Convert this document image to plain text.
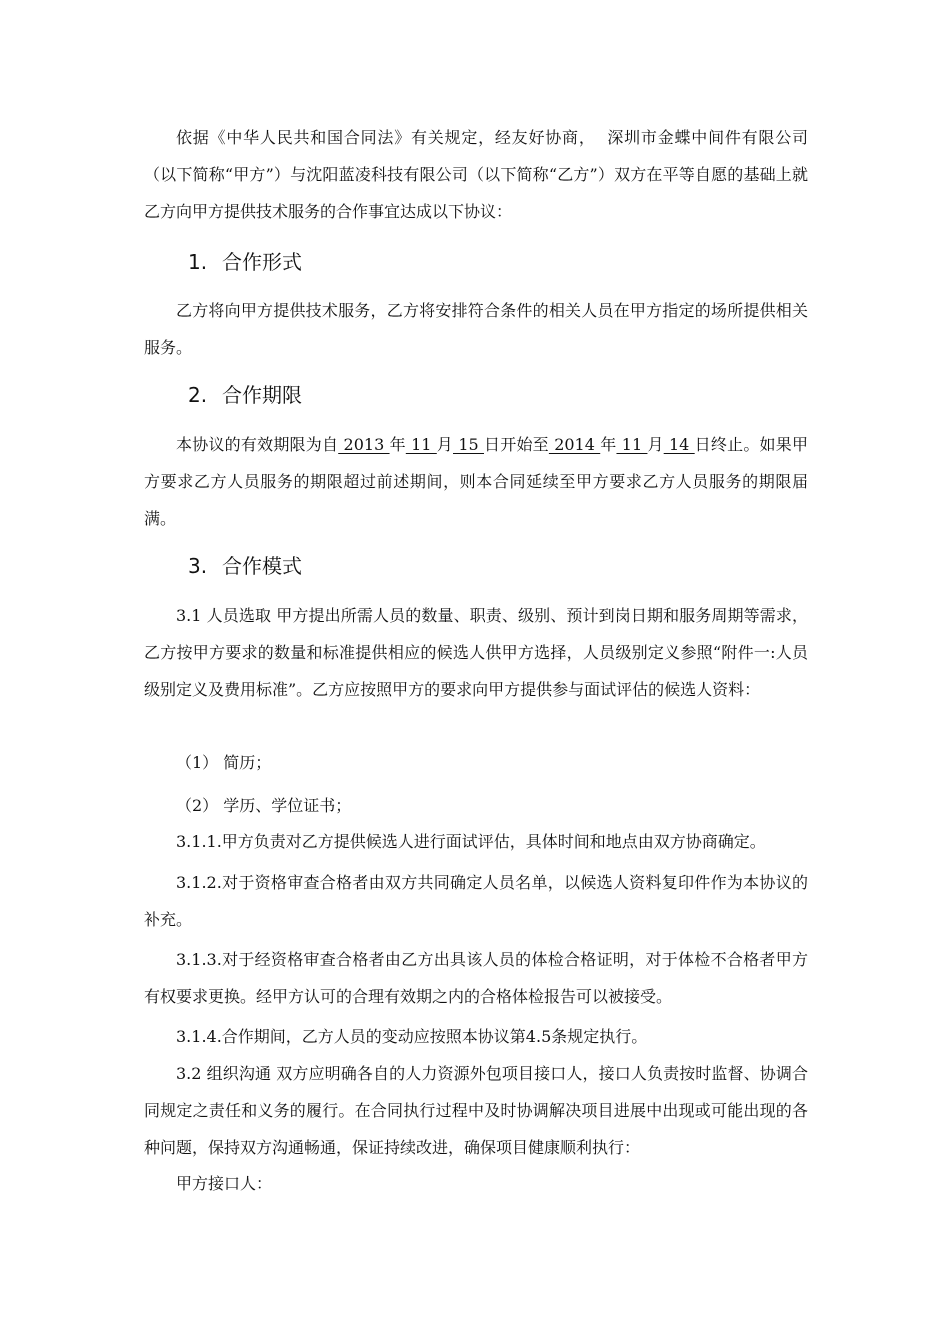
依据《中华人民共和国合同法》有关规定，经友好协商， 深圳市金蝶中间件有限公司（以下简称“甲方”）与沈阳蓝凌科技有限公司（以下简称“乙方”）双方在平等自愿的基础上就乙方向甲方提供技术服务的合作事宜达成以下协议：

1. 合作形式

乙方将向甲方提供技术服务，乙方将安排符合条件的相关人员在甲方指定的场所提供相关服务。

2. 合作期限

本协议的有效期限为自 2013 年 11 月 15 日开始至 2014 年 11 月 14 日终止。如果甲方要求乙方人员服务的期限超过前述期间，则本合同延续至甲方要求乙方人员服务的期限届满。

3. 合作模式

3.1 人员选取 甲方提出所需人员的数量、职责、级别、预计到岗日期和服务周期等需求，乙方按甲方要求的数量和标准提供相应的候选人供甲方选择，人员级别定义参照“附件一:人员级别定义及费用标准”。乙方应按照甲方的要求向甲方提供参与面试评估的候选人资料：

（1） 简历；

（2） 学历、学位证书；

3.1.1.甲方负责对乙方提供候选人进行面试评估，具体时间和地点由双方协商确定。

3.1.2.对于资格审查合格者由双方共同确定人员名单，以候选人资料复印件作为本协议的补充。

3.1.3.对于经资格审查合格者由乙方出具该人员的体检合格证明，对于体检不合格者甲方有权要求更换。经甲方认可的合理有效期之内的合格体检报告可以被接受。

3.1.4.合作期间，乙方人员的变动应按照本协议第4.5条规定执行。

3.2 组织沟通 双方应明确各自的人力资源外包项目接口人，接口人负责按时监督、协调合同规定之责任和义务的履行。在合同执行过程中及时协调解决项目进展中出现或可能出现的各种问题，保持双方沟通畅通，保证持续改进，确保项目健康顺利执行：

甲方接口人：
